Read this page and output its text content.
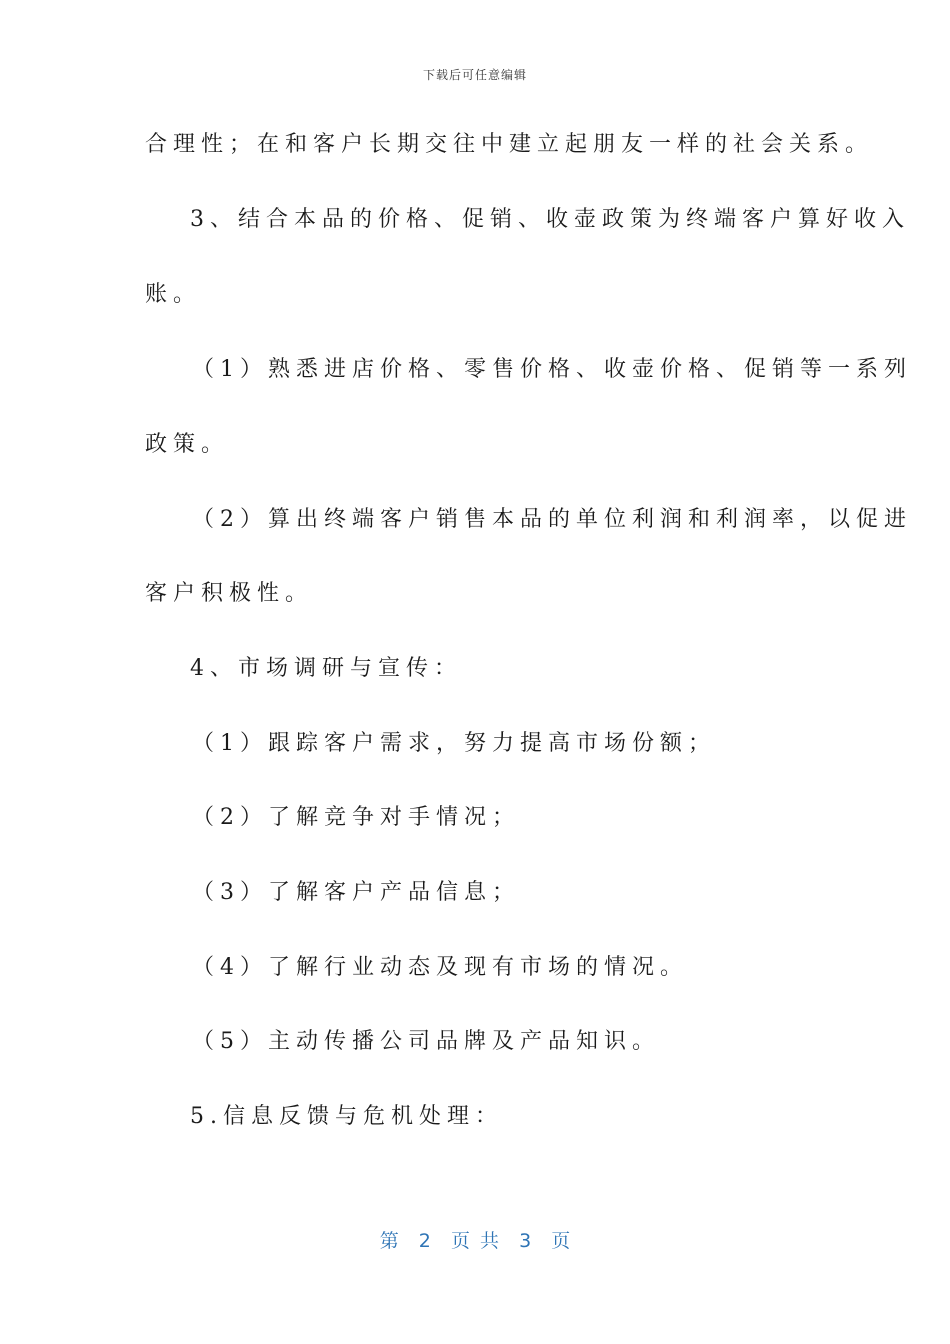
下载后可任意编辑
合理性；在和客户长期交往中建立起朋友一样的社会关系。
3、结合本品的价格、促销、收壶政策为终端客户算好收入
账。
（1）熟悉进店价格、零售价格、收壶价格、促销等一系列
政策。
（2）算出终端客户销售本品的单位利润和利润率，以促进
客户积极性。
4、市场调研与宣传：
（1）跟踪客户需求，努力提高市场份额；
（2）了解竞争对手情况；
（3）了解客户产品信息；
（4）了解行业动态及现有市场的情况。
（5）主动传播公司品牌及产品知识。
5.信息反馈与危机处理：
第  2  页 共  3  页
